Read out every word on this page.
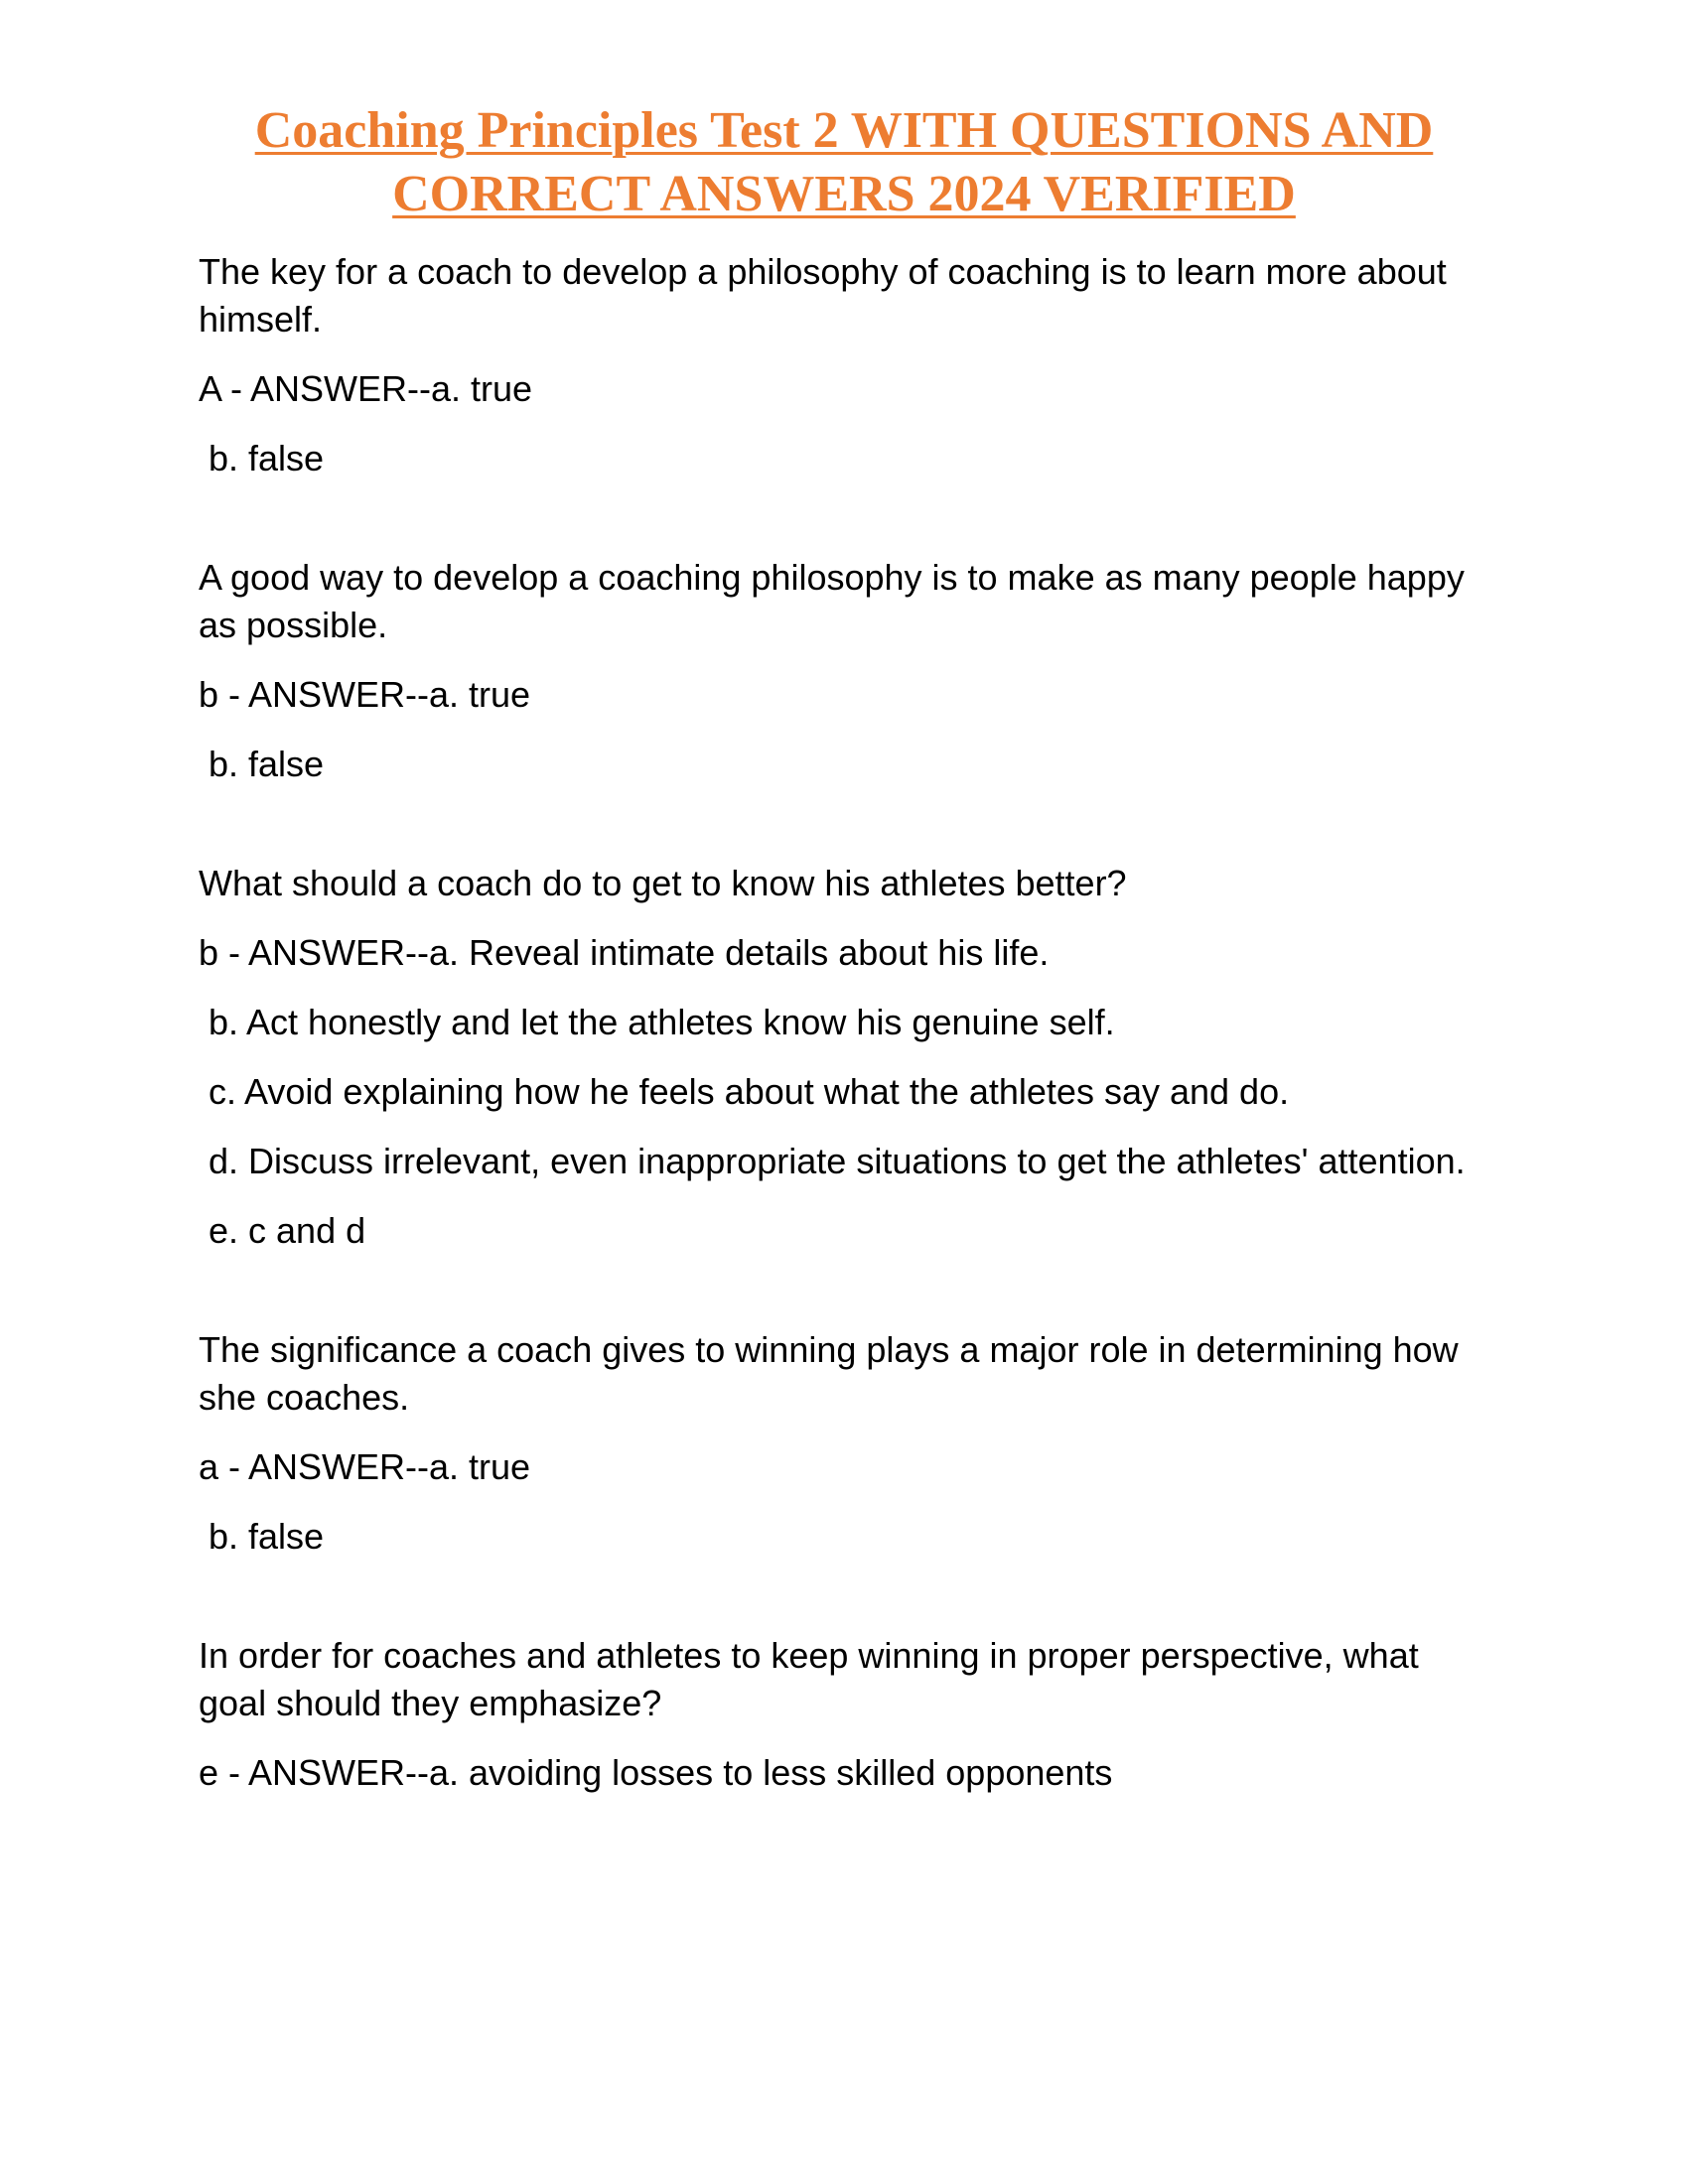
Coaching Principles Test 2 WITH QUESTIONS AND CORRECT ANSWERS 2024 VERIFIED
The key for a coach to develop a philosophy of coaching is to learn more about himself.
A - ANSWER--a. true
b. false
A good way to develop a coaching philosophy is to make as many people happy as possible.
b - ANSWER--a. true
b. false
What should a coach do to get to know his athletes better?
b - ANSWER--a. Reveal intimate details about his life.
b. Act honestly and let the athletes know his genuine self.
c. Avoid explaining how he feels about what the athletes say and do.
d. Discuss irrelevant, even inappropriate situations to get the athletes' attention.
e. c and d
The significance a coach gives to winning plays a major role in determining how she coaches.
a - ANSWER--a. true
b. false
In order for coaches and athletes to keep winning in proper perspective, what goal should they emphasize?
e - ANSWER--a. avoiding losses to less skilled opponents
